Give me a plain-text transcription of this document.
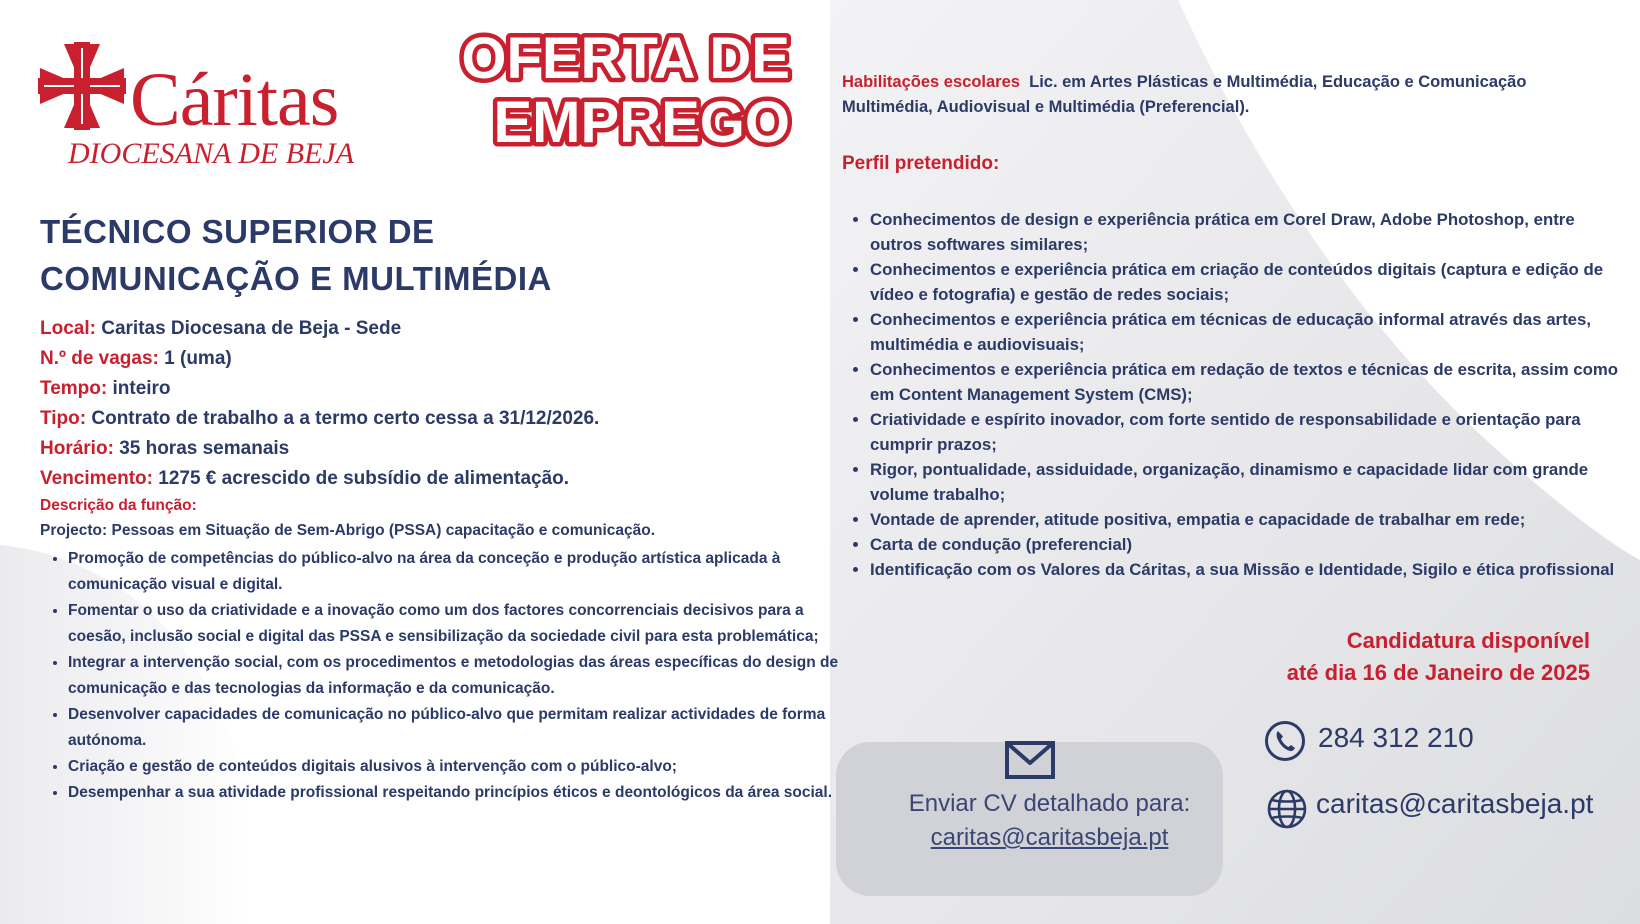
Cáritas
DIOCESANA DE BEJA
OFERTA DE
EMPREGO
TÉCNICO SUPERIOR DE
COMUNICAÇÃO E MULTIMÉDIA
Local: Caritas Diocesana de Beja - Sede
N.º de vagas: 1 (uma)
Tempo: inteiro
Tipo: Contrato de trabalho a a termo certo cessa a 31/12/2026.
Horário: 35 horas semanais
Vencimento: 1275 € acrescido de subsídio de alimentação.
Descrição da função:
Projecto: Pessoas em Situação de Sem-Abrigo (PSSA) capacitação e comunicação.
• Promoção de competências do público-alvo na área da conceção e produção artística aplicada à comunicação visual e digital.
• Fomentar o uso da criatividade e a inovação como um dos factores concorrenciais decisivos para a coesão, inclusão social e digital das PSSA e sensibilização da sociedade civil para esta problemática;
• Integrar a intervenção social, com os procedimentos e metodologias das áreas específicas do design de comunicação e das tecnologias da informação e da comunicação.
• Desenvolver capacidades de comunicação no público-alvo que permitam realizar actividades de forma autónoma.
• Criação e gestão de conteúdos digitais alusivos à intervenção com o público-alvo;
• Desempenhar a sua atividade profissional respeitando princípios éticos e deontológicos da área social.
Habilitações escolares Lic. em Artes Plásticas e Multimédia, Educação e Comunicação Multimédia, Audiovisual e Multimédia (Preferencial).
Perfil pretendido:
• Conhecimentos de design e experiência prática em Corel Draw, Adobe Photoshop, entre outros softwares similares;
• Conhecimentos e experiência prática em criação de conteúdos digitais (captura e edição de vídeo e fotografia) e gestão de redes sociais;
• Conhecimentos e experiência prática em técnicas de educação informal através das artes, multimédia e audiovisuais;
• Conhecimentos e experiência prática em redação de textos e técnicas de escrita, assim como em Content Management System (CMS);
• Criatividade e espírito inovador, com forte sentido de responsabilidade e orientação para cumprir prazos;
• Rigor, pontualidade, assiduidade, organização, dinamismo e capacidade lidar com grande volume trabalho;
• Vontade de aprender, atitude positiva, empatia e capacidade de trabalhar em rede;
• Carta de condução (preferencial)
• Identificação com os Valores da Cáritas, a sua Missão e Identidade, Sigilo e ética profissional
Candidatura disponível
até dia 16 de Janeiro de 2025
Enviar CV detalhado para:
caritas@caritasbeja.pt
284 312 210
caritas@caritasbeja.pt
